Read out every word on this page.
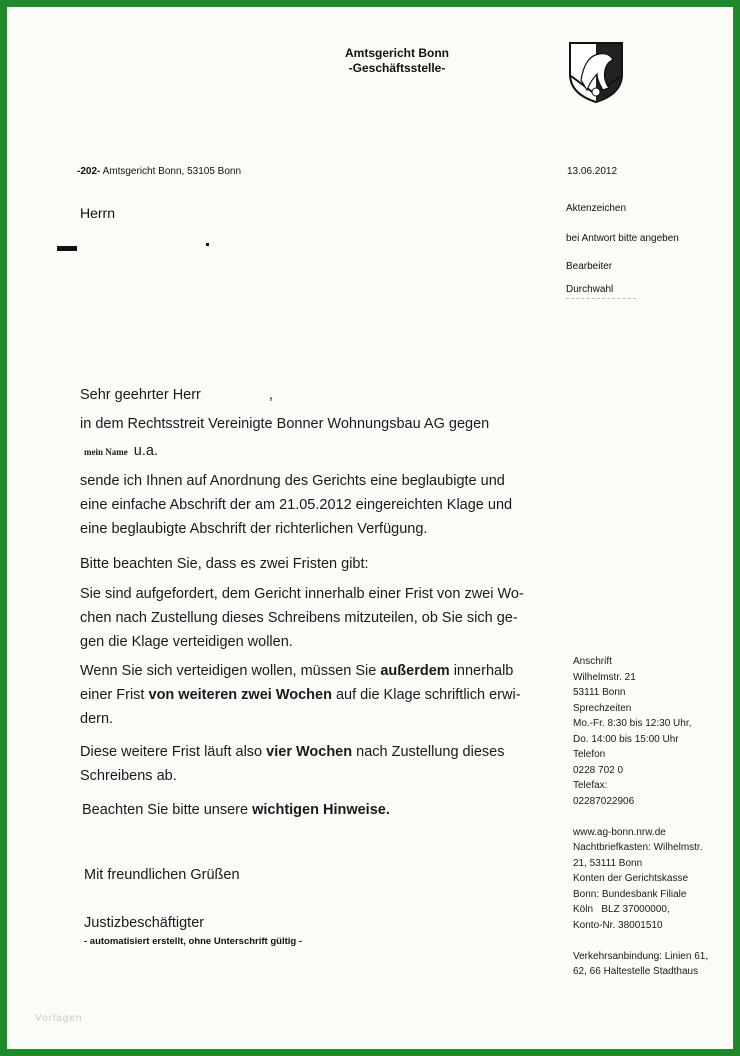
Amtsgericht Bonn
-Geschäftsstelle-
-202- Amtsgericht Bonn, 53105 Bonn	13.06.2012
Herrn	Aktenzeichen
bei Antwort bitte angeben
Bearbeiter
Durchwahl
Sehr geehrter Herr	,
in dem Rechtsstreit Vereinigte Bonner Wohnungsbau AG gegen
mein Name u.a.
sende ich Ihnen auf Anordnung des Gerichts eine beglaubigte und
eine einfache Abschrift der am 21.05.2012 eingereichten Klage und
eine beglaubigte Abschrift der richterlichen Verfügung.
Bitte beachten Sie, dass es zwei Fristen gibt:
Sie sind aufgefordert, dem Gericht innerhalb einer Frist von zwei Wo-
chen nach Zustellung dieses Schreibens mitzuteilen, ob Sie sich ge-
gen die Klage verteidigen wollen.
Wenn Sie sich verteidigen wollen, müssen Sie außerdem innerhalb
einer Frist von weiteren zwei Wochen auf die Klage schriftlich erwi-
dern.
Diese weitere Frist läuft also vier Wochen nach Zustellung dieses
Schreibens ab.
Beachten Sie bitte unsere wichtigen Hinweise.
Mit freundlichen Grüßen
Justizbeschäftigter
- automatisiert erstellt, ohne Unterschrift gültig -
Anschrift
Wilhelmstr. 21
53111 Bonn
Sprechzeiten
Mo.-Fr. 8:30 bis 12:30 Uhr,
Do. 14:00 bis 15:00 Uhr
Telefon
0228 702 0
Telefax:
02287022906
www.ag-bonn.nrw.de
Nachtbriefkasten: Wilhelmstr.
21, 53111 Bonn
Konten der Gerichtskasse
Bonn: Bundesbank Filiale
Köln   BLZ 37000000,
Konto-Nr. 38001510
Verkehrsanbindung: Linien 61,
62, 66 Haltestelle Stadthaus
Vorlagen
